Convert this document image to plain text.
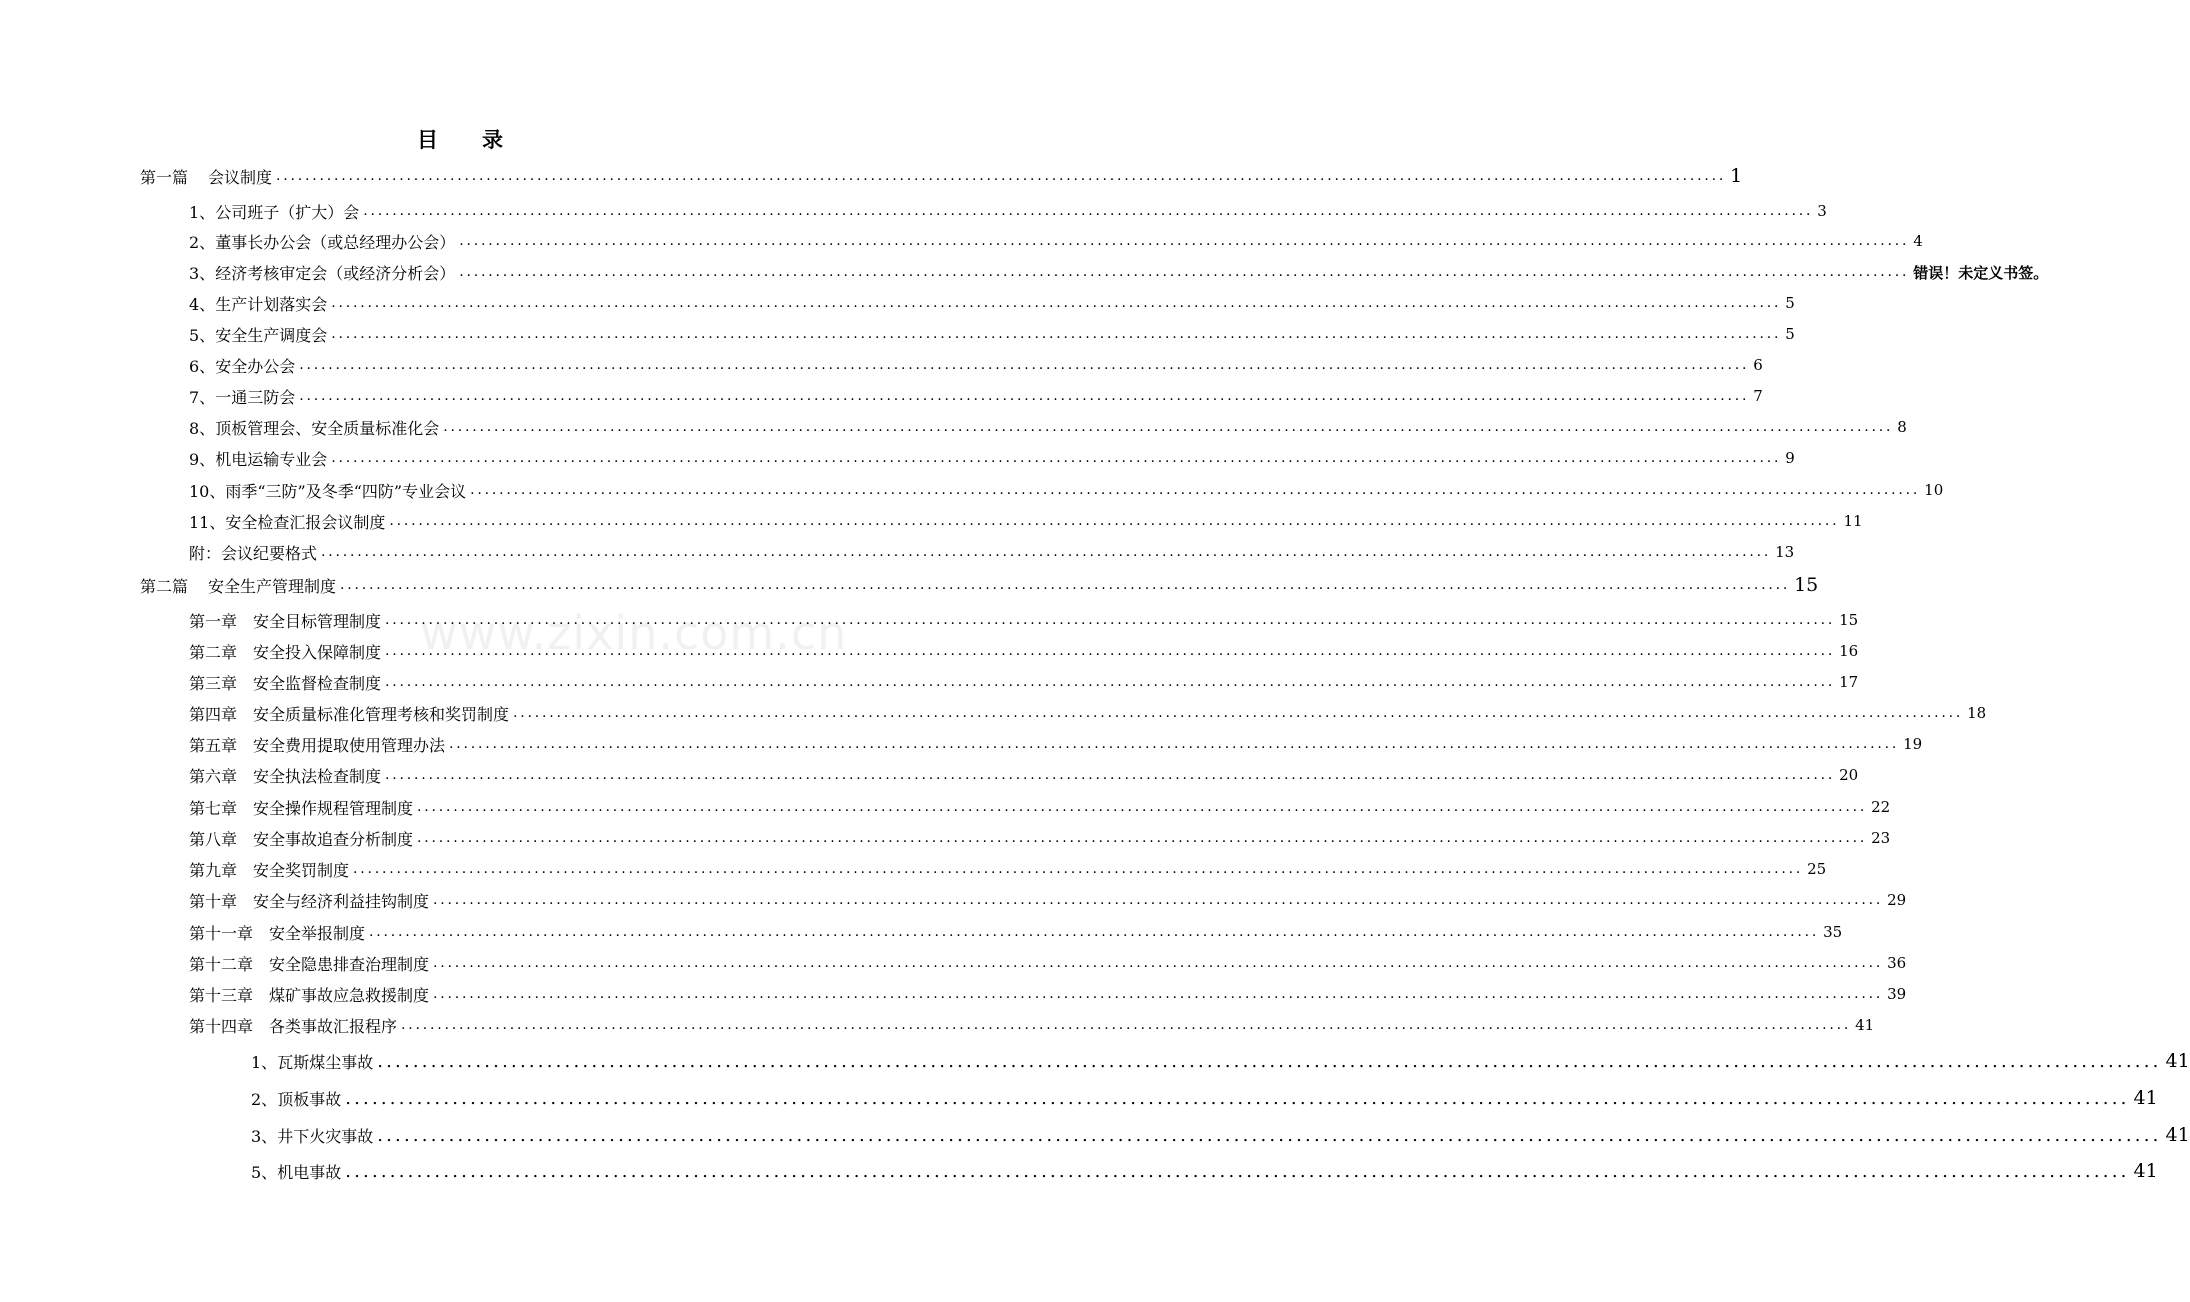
目 录
www.zixin.com.cn
第一篇 会议制度 ........................................................................................................................................................................................................ 1
1、公司班子（扩大）会 ........................................................................................................................................................................................................ 3
2、董事长办公会（或总经理办公会） ........................................................................................................................................................................................................ 4
3、经济考核审定会（或经济分析会） ........................................................................................................................................................................................................ 错误！未定义书签。
4、生产计划落实会 ........................................................................................................................................................................................................ 5
5、安全生产调度会 ........................................................................................................................................................................................................ 5
6、安全办公会 ........................................................................................................................................................................................................ 6
7、一通三防会 ........................................................................................................................................................................................................ 7
8、顶板管理会、安全质量标准化会 ........................................................................................................................................................................................................ 8
9、机电运输专业会 ........................................................................................................................................................................................................ 9
10、雨季“三防”及冬季“四防”专业会议 ........................................................................................................................................................................................................ 10
11、安全检查汇报会议制度 ........................................................................................................................................................................................................ 11
附：会议纪要格式 ........................................................................................................................................................................................................ 13
第二篇 安全生产管理制度 ........................................................................................................................................................................................................ 15
第一章 安全目标管理制度 ........................................................................................................................................................................................................ 15
第二章 安全投入保障制度 ........................................................................................................................................................................................................ 16
第三章 安全监督检查制度 ........................................................................................................................................................................................................ 17
第四章 安全质量标准化管理考核和奖罚制度 ........................................................................................................................................................................................................ 18
第五章 安全费用提取使用管理办法 ........................................................................................................................................................................................................ 19
第六章 安全执法检查制度 ........................................................................................................................................................................................................ 20
第七章 安全操作规程管理制度 ........................................................................................................................................................................................................ 22
第八章 安全事故追查分析制度 ........................................................................................................................................................................................................ 23
第九章 安全奖罚制度 ........................................................................................................................................................................................................ 25
第十章 安全与经济利益挂钩制度 ........................................................................................................................................................................................................ 29
第十一章 安全举报制度 ........................................................................................................................................................................................................ 35
第十二章 安全隐患排查治理制度 ........................................................................................................................................................................................................ 36
第十三章 煤矿事故应急救援制度 ........................................................................................................................................................................................................ 39
第十四章 各类事故汇报程序 ........................................................................................................................................................................................................ 41
1、瓦斯煤尘事故 ........................................................................................................................................................................................................ 41
2、顶板事故 ........................................................................................................................................................................................................ 41
3、井下火灾事故 ........................................................................................................................................................................................................ 41
5、机电事故 ........................................................................................................................................................................................................ 41
